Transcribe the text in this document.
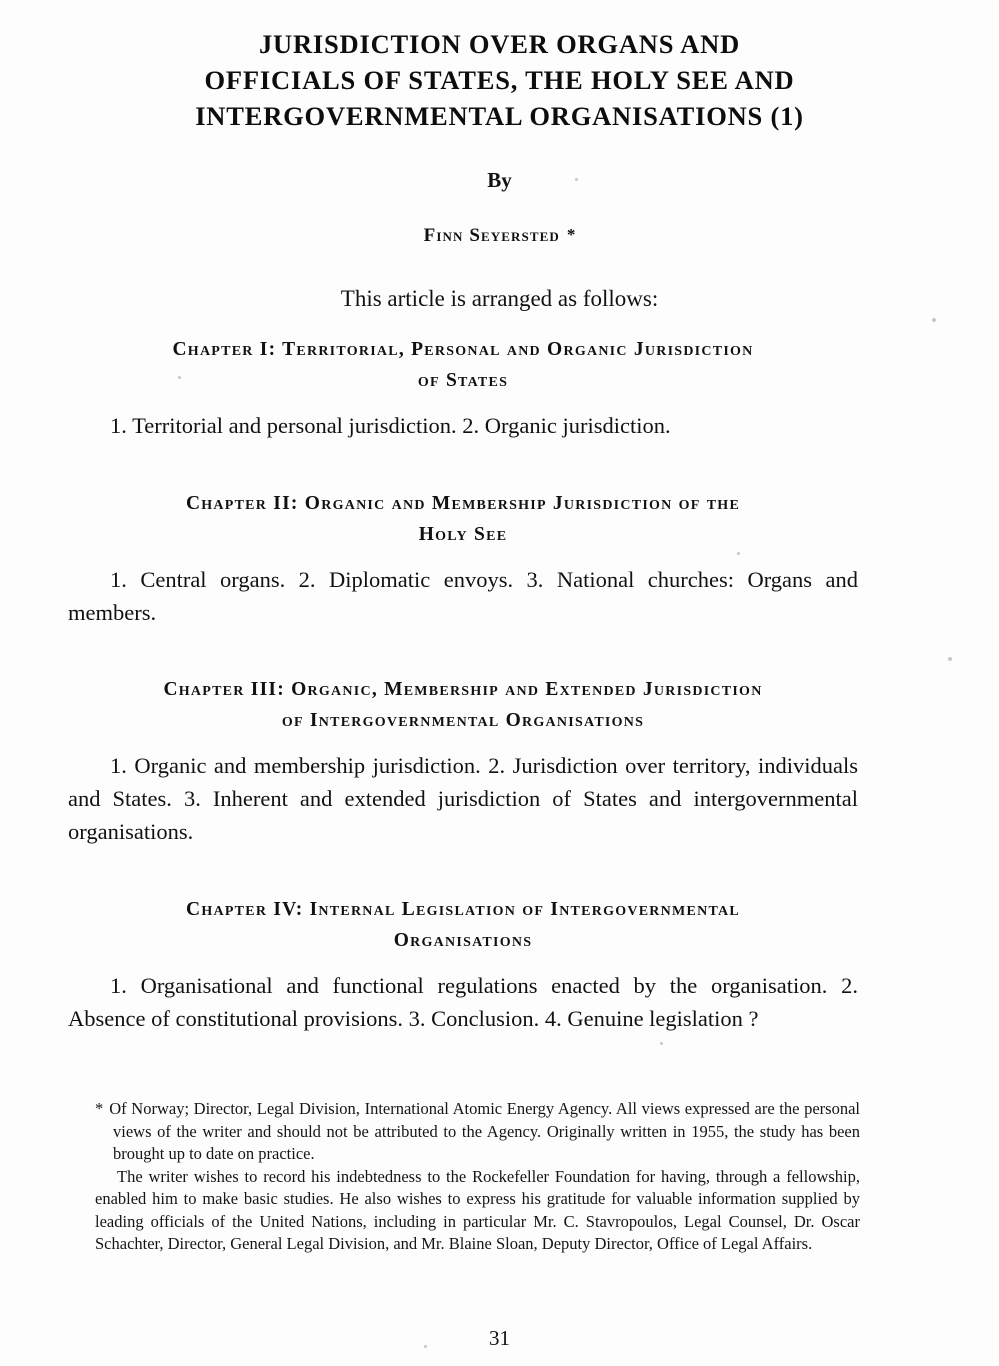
JURISDICTION OVER ORGANS AND
OFFICIALS OF STATES, THE HOLY SEE AND
INTERGOVERNMENTAL ORGANISATIONS (1)
By
Finn Seyersted *
This article is arranged as follows:
Chapter I: Territorial, Personal and Organic Jurisdiction
of States
1. Territorial and personal jurisdiction. 2. Organic jurisdiction.
Chapter II: Organic and Membership Jurisdiction of the
Holy See
1. Central organs. 2. Diplomatic envoys. 3. National churches: Organs and members.
Chapter III: Organic, Membership and Extended Jurisdiction
of Intergovernmental Organisations
1. Organic and membership jurisdiction. 2. Jurisdiction over territory, individuals and States. 3. Inherent and extended jurisdiction of States and intergovernmental organisations.
Chapter IV: Internal Legislation of Intergovernmental
Organisations
1. Organisational and functional regulations enacted by the organisation. 2. Absence of constitutional provisions. 3. Conclusion. 4. Genuine legislation ?

* Of Norway; Director, Legal Division, International Atomic Energy Agency. All views expressed are the personal views of the writer and should not be attributed to the Agency. Originally written in 1955, the study has been brought up to date on practice.

The writer wishes to record his indebtedness to the Rockefeller Foundation for having, through a fellowship, enabled him to make basic studies. He also wishes to express his gratitude for valuable information supplied by leading officials of the United Nations, including in particular Mr. C. Stavropoulos, Legal Counsel, Dr. Oscar Schachter, Director, General Legal Division, and Mr. Blaine Sloan, Deputy Director, Office of Legal Affairs.

31
